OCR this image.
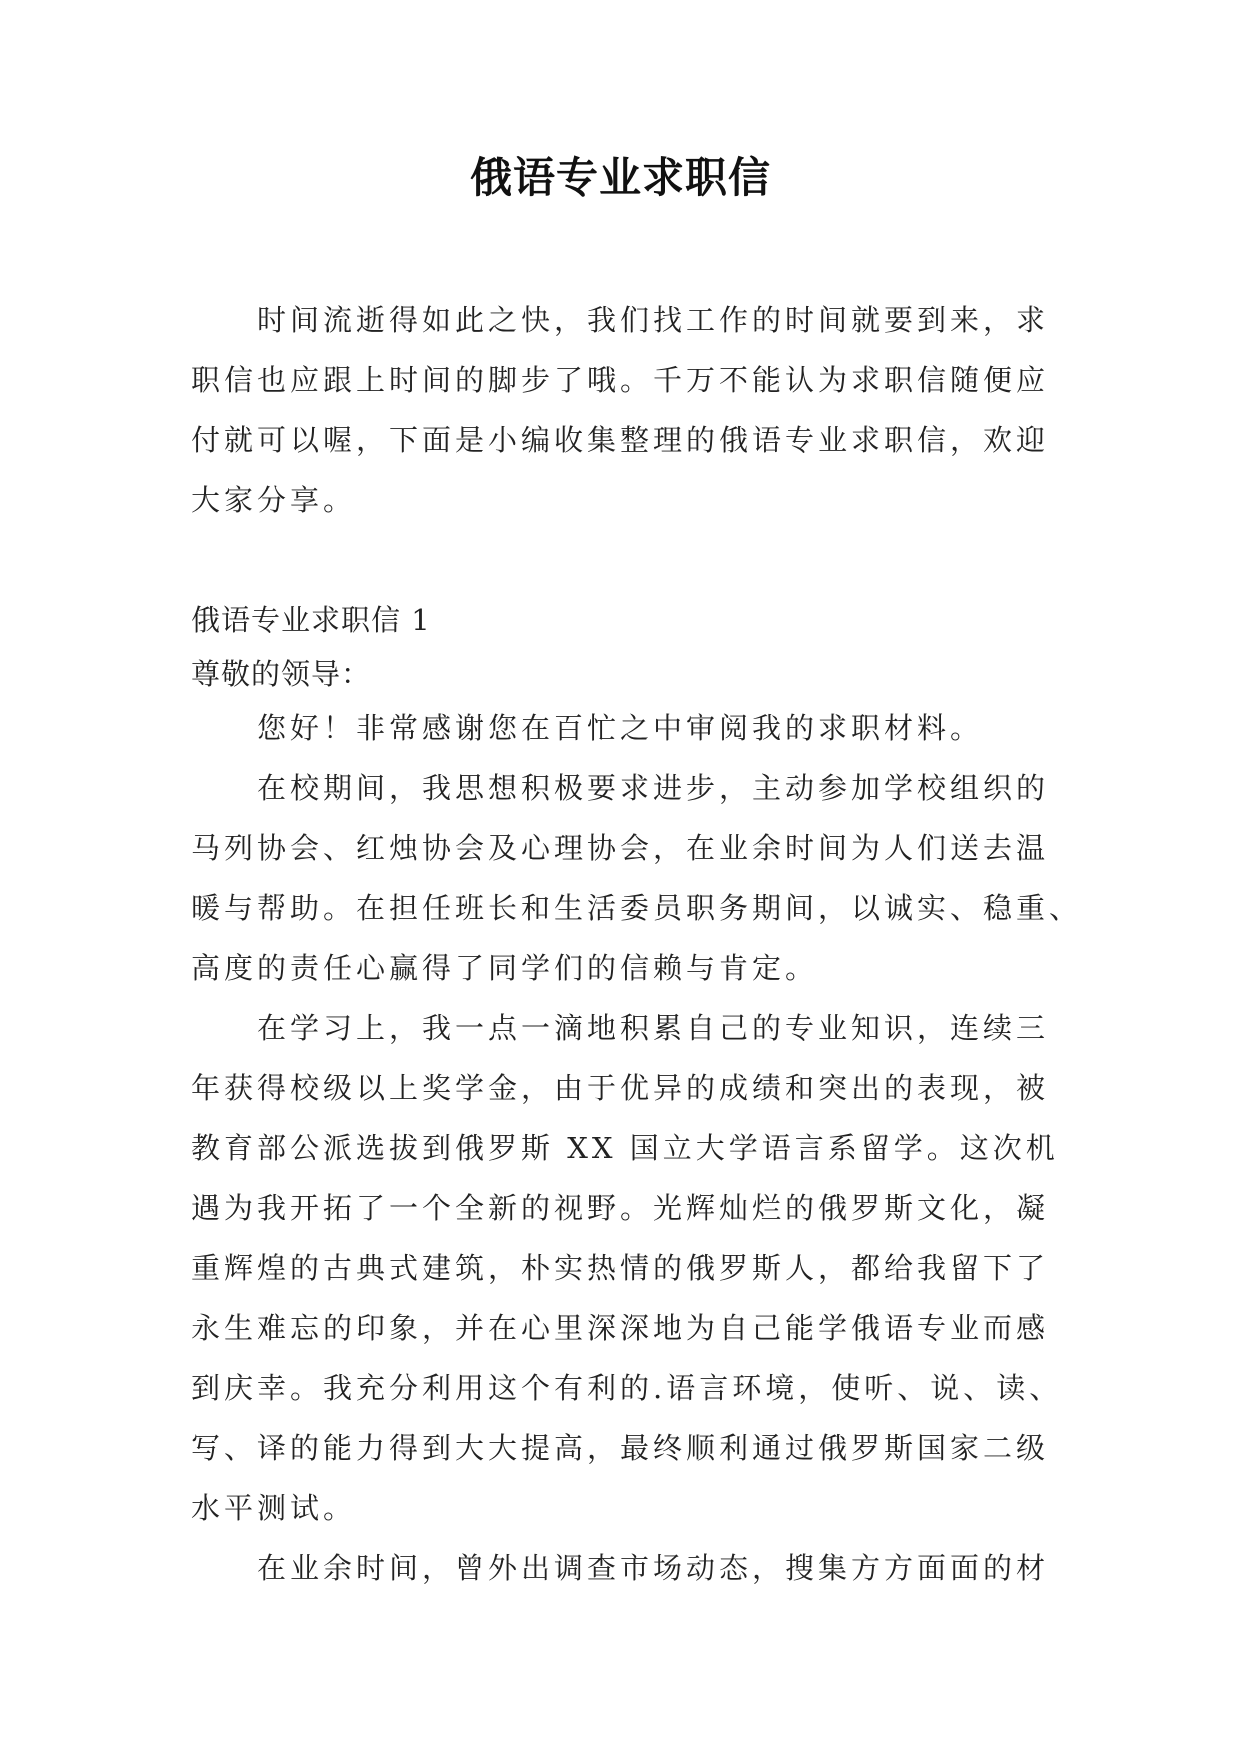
俄语专业求职信
时间流逝得如此之快，我们找工作的时间就要到来，求
职信也应跟上时间的脚步了哦。千万不能认为求职信随便应
付就可以喔，下面是小编收集整理的俄语专业求职信，欢迎
大家分享。
俄语专业求职信 1
尊敬的领导：
您好！非常感谢您在百忙之中审阅我的求职材料。
在校期间，我思想积极要求进步，主动参加学校组织的
马列协会、红烛协会及心理协会，在业余时间为人们送去温
暖与帮助。在担任班长和生活委员职务期间，以诚实、稳重、
高度的责任心赢得了同学们的信赖与肯定。
在学习上，我一点一滴地积累自己的专业知识，连续三
年获得校级以上奖学金，由于优异的成绩和突出的表现，被
教育部公派选拔到俄罗斯 XX 国立大学语言系留学。这次机
遇为我开拓了一个全新的视野。光辉灿烂的俄罗斯文化，凝
重辉煌的古典式建筑，朴实热情的俄罗斯人，都给我留下了
永生难忘的印象，并在心里深深地为自己能学俄语专业而感
到庆幸。我充分利用这个有利的.语言环境，使听、说、读、
写、译的能力得到大大提高，最终顺利通过俄罗斯国家二级
水平测试。
在业余时间，曾外出调查市场动态，搜集方方面面的材
